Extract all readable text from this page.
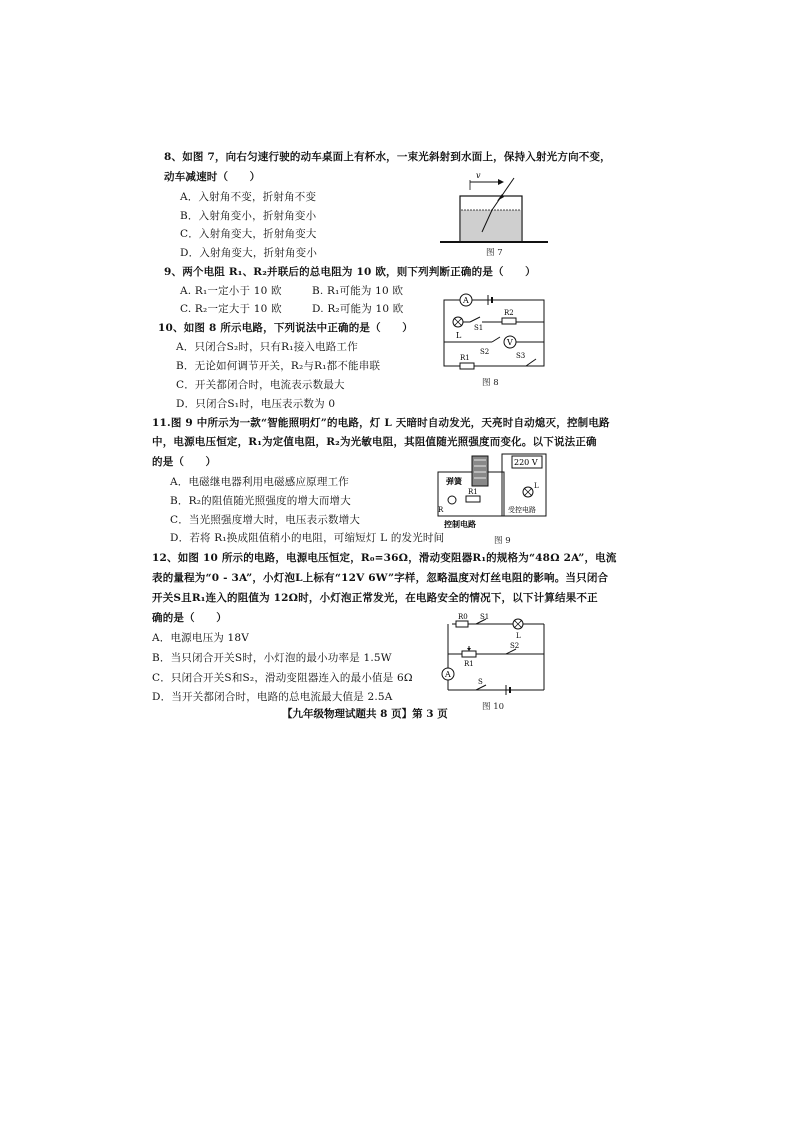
8、如图 7，向右匀速行驶的动车桌面上有杯水，一束光斜射到水面上，保持入射光方向不变，
动车减速时（　　）
A．入射角不变，折射角不变
B．入射角变小，折射角变小
C．入射角变大，折射角变大
D．入射角变大，折射角变小
v
图 7
9、两个电阻 R₁、R₂并联后的总电阻为 10 欧，则下列判断正确的是（　　）
A. R₁一定小于 10 欧	B. R₁可能为 10 欧
C. R₂一定大于 10 欧	D. R₂可能为 10 欧
10、如图 8 所示电路，下列说法中正确的是（　　）
A．只闭合S₂时，只有R₁接入电路工作
B．无论如何调节开关，R₂与R₁都不能串联
C．开关都闭合时，电流表示数最大
D．只闭合S₁时，电压表示数为 0
A
L
S1
R2
S2
V
S3
R1
图 8
11.图 9 中所示为一款“智能照明灯”的电路，灯 L 天暗时自动发光，天亮时自动熄灭，控制电路
中，电源电压恒定，R₁为定值电阻，R₂为光敏电阻，其阻值随光照强度而变化。以下说法正确
的是（　　）
A．电磁继电器利用电磁感应原理工作
B．R₂的阻值随光照强度的增大而增大
C．当光照强度增大时，电压表示数增大
D．若将 R₁换成阻值稍小的电阻，可缩短灯 L 的发光时间
220 V
L
受控电路
弹簧
R1
R
控制电路
图 9
12、如图 10 所示的电路，电源电压恒定，R₀=36Ω，滑动变阻器R₁的规格为“48Ω 2A”，电流
表的量程为“0 - 3A”，小灯泡L上标有“12V 6W”字样，忽略温度对灯丝电阻的影响。当只闭合
开关S且R₁连入的阻值为 12Ω时，小灯泡正常发光，在电路安全的情况下，以下计算结果不正
确的是（　　）
A．电源电压为 18V
B．当只闭合开关S时，小灯泡的最小功率是 1.5W
C．只闭合开关S和S₂，滑动变阻器连入的最小值是 6Ω
D．当开关都闭合时，电路的总电流最大值是 2.5A
R0 S1
L
R1
S2
A
S
图 10
【九年级物理试题共 8 页】第 3 页
